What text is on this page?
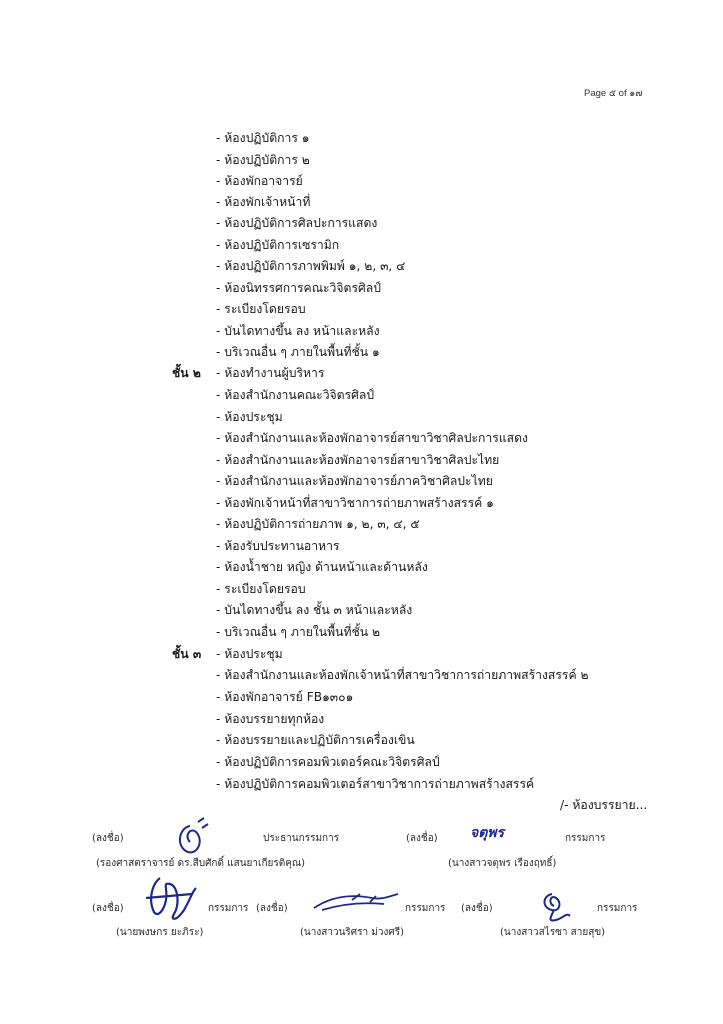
Page ๕ of ๑๗
- ห้องปฏิบัติการ ๑
- ห้องปฏิบัติการ ๒
- ห้องพักอาจารย์
- ห้องพักเจ้าหน้าที่
- ห้องปฏิบัติการศิลปะการแสดง
- ห้องปฏิบัติการเซรามิก
- ห้องปฏิบัติการภาพพิมพ์ ๑, ๒, ๓, ๔
- ห้องนิทรรศการคณะวิจิตรศิลป์
- ระเบียงโดยรอบ
- บันไดทางขึ้น ลง หน้าและหลัง
- บริเวณอื่น ๆ ภายในพื้นที่ชั้น ๑
ชั้น ๒ - ห้องทำงานผู้บริหาร
- ห้องสำนักงานคณะวิจิตรศิลป์
- ห้องประชุม
- ห้องสำนักงานและห้องพักอาจารย์สาขาวิชาศิลปะการแสดง
- ห้องสำนักงานและห้องพักอาจารย์สาขาวิชาศิลปะไทย
- ห้องสำนักงานและห้องพักอาจารย์ภาควิชาศิลปะไทย
- ห้องพักเจ้าหน้าที่สาขาวิชาการถ่ายภาพสร้างสรรค์ ๑
- ห้องปฏิบัติการถ่ายภาพ ๑, ๒, ๓, ๔, ๕
- ห้องรับประทานอาหาร
- ห้องน้ำชาย หญิง ด้านหน้าและด้านหลัง
- ระเบียงโดยรอบ
- บันไดทางขึ้น ลง ชั้น ๓ หน้าและหลัง
- บริเวณอื่น ๆ ภายในพื้นที่ชั้น ๒
ชั้น ๓ - ห้องประชุม
- ห้องสำนักงานและห้องพักเจ้าหน้าที่สาขาวิชาการถ่ายภาพสร้างสรรค์ ๒
- ห้องพักอาจารย์ FB๑๓๐๑
- ห้องบรรยายทุกห้อง
- ห้องบรรยายและปฏิบัติการเครื่องเขิน
- ห้องปฏิบัติการคอมพิวเตอร์คณะวิจิตรศิลป์
- ห้องปฏิบัติการคอมพิวเตอร์สาขาวิชาการถ่ายภาพสร้างสรรค์
/- ห้องบรรยาย...
(ลงชื่อ)	ประธานกรรมการ
(รองศาสตราจารย์ ดร.สืบศักดิ์ แสนยาเกียรติคุณ)
(ลงชื่อ) จตุพร	กรรมการ
(นางสาวจตุพร เรืองฤทธิ์)
(ลงชื่อ)	กรรมการ
(นายพงษกร ยะภิระ)
(ลงชื่อ)	กรรมการ
(นางสาวนริศรา ม่วงศรี)
(ลงชื่อ)	กรรมการ
(นางสาวสไรซา สายสุข)
